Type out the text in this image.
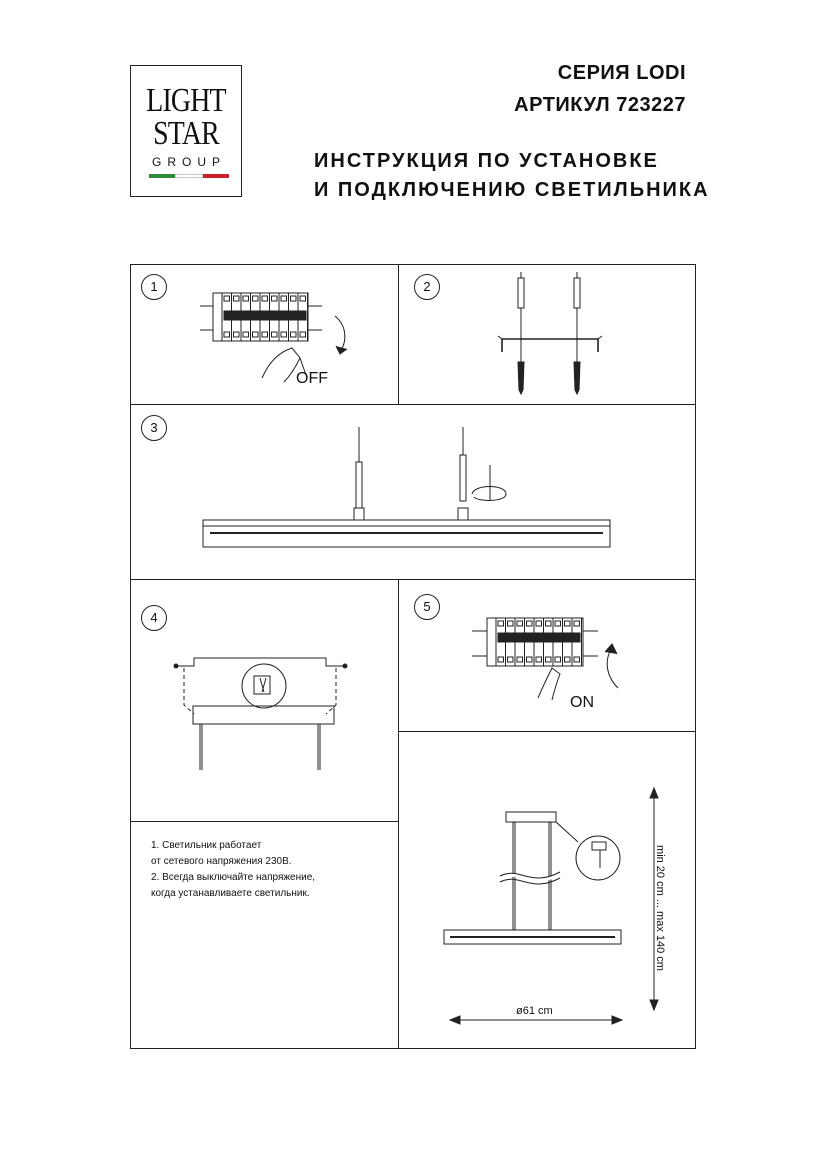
LIGHT
STAR
GROUP
СЕРИЯ LODI
АРТИКУЛ 723227
ИНСТРУКЦИЯ ПО УСТАНОВКЕ
И ПОДКЛЮЧЕНИЮ СВЕТИЛЬНИКА
1	2
3
4
5
OFF
ON
1. Светильник работает
от сетевого напряжения 230В.
2. Всегда выключайте напряжение,
когда устанавливаете светильник.	min 20 cm ... max 140 cm
ø61 cm
